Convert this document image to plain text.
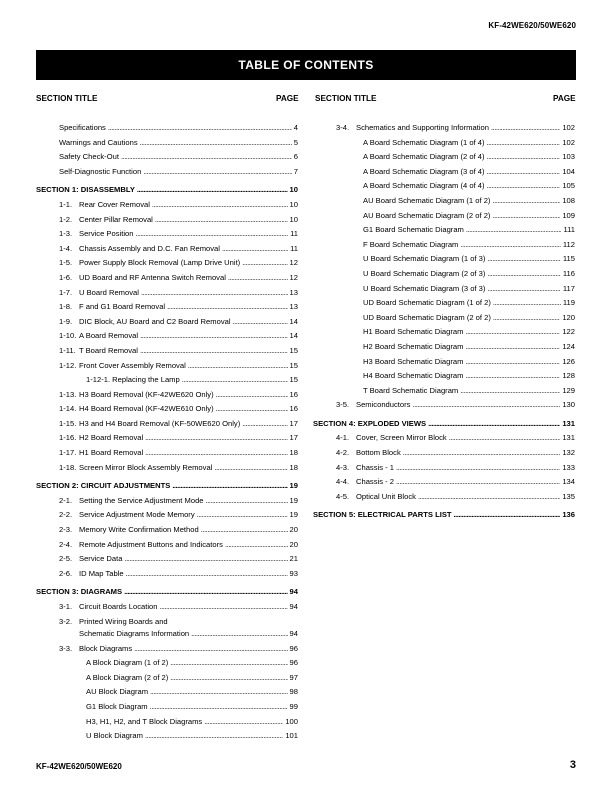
KF-42WE620/50WE620
TABLE OF CONTENTS
SECTION TITLE	PAGE SECTION TITLE	PAGE
Specifications . . .	4
Warnings and Cautions . . .	5
Safety Check-Out . . .	6
Self-Diagnostic Function . . .	7
SECTION 1: DISASSEMBLY . . .	10
1-1. Rear Cover Removal . . .	10
1-2. Center Pillar Removal . . .	10
1-3. Service Position . . .	11
1-4. Chassis Assembly and D.C. Fan Removal . . .	11
1-5. Power Supply Block Removal (Lamp Drive Unit) . . .	12
1-6. UD Board and RF Antenna Switch Removal . . .	12
1-7. U Board Removal . . .	13
1-8. F and G1 Board Removal . . .	13
1-9. DIC Block, AU Board and C2 Board Removal . . .	14
1-10. A Board Removal . . .	14
1-11. T Board Removal . . .	15
1-12. Front Cover Assembly Removal . . .	15
1-12-1. Replacing the Lamp . . .	15
1-13. H3 Board Removal (KF-42WE620 Only) . . .	16
1-14. H4 Board Removal (KF-42WE610 Only) . . .	16
1-15. H3 and H4 Board Removal (KF-50WE620 Only) . . .	17
1-16. H2 Board Removal . . .	17
1-17. H1 Board Removal . . .	18
1-18. Screen Mirror Block Assembly Removal . . .	18
SECTION 2: CIRCUIT ADJUSTMENTS . . .	19
2-1. Setting the Service Adjustment Mode . . .	19
2-2. Service Adjustment Mode Memory . . .	19
2-3. Memory Write Confirmation Method . . .	20
2-4. Remote Adjustment Buttons and Indicators . . .	20
2-5. Service Data . . .	21
2-6. ID Map Table . . .	93
SECTION 3: DIAGRAMS . . .	94
3-1. Circuit Boards Location . . .	94
3-2. Printed Wiring Boards and
Schematic Diagrams Information . . .	94
3-3. Block Diagrams . . .	96
A Block Diagram (1 of 2) . . .	96
A Block Diagram (2 of 2) . . .	97
AU Block Diagram . . .	98
G1 Block Diagram . . .	99
H3, H1, H2, and T Block Diagrams . . .	100
U Block Diagram . . .	101
3-4. Schematics and Supporting Information . . .	102
A Board Schematic Diagram (1 of 4) . . .	102
A Board Schematic Diagram (2 of 4) . . .	103
A Board Schematic Diagram (3 of 4) . . .	104
A Board Schematic Diagram (4 of 4) . . .	105
AU Board Schematic Diagram (1 of 2) . . .	108
AU Board Schematic Diagram (2 of 2) . . .	109
G1 Board Schematic Diagram . . .	111
F Board Schematic Diagram . . .	112
U Board Schematic Diagram (1 of 3) . . .	115
U Board Schematic Diagram (2 of 3) . . .	116
U Board Schematic Diagram (3 of 3) . . .	117
UD Board Schematic Diagram (1 of 2) . . .	119
UD Board Schematic Diagram (2 of 2) . . .	120
H1 Board Schematic Diagram . . .	122
H2 Board Schematic Diagram . . .	124
H3 Board Schematic Diagram . . .	126
H4 Board Schematic Diagram . . .	128
T Board Schematic Diagram . . .	129
3-5. Semiconductors . . .	130
SECTION 4: EXPLODED VIEWS . . .	131
4-1. Cover, Screen Mirror Block . . .	131
4-2. Bottom Block . . .	132
4-3. Chassis - 1 . . .	133
4-4. Chassis - 2 . . .	134
4-5. Optical Unit Block . . .	135
SECTION 5: ELECTRICAL PARTS LIST . . .	136
KF-42WE620/50WE620	3
